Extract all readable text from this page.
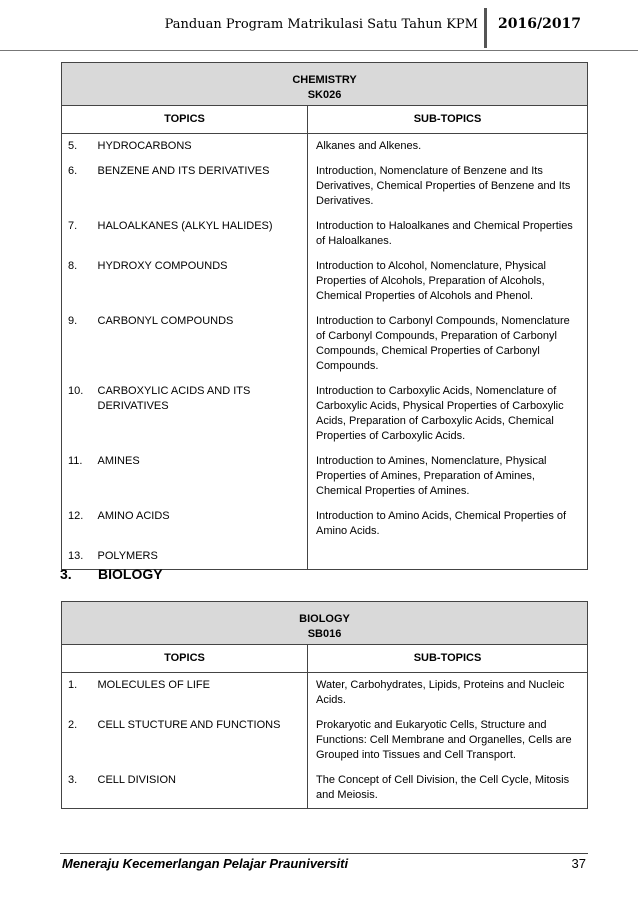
Panduan Program Matrikulasi Satu Tahun KPM 2016/2017
CHEMISTRY		
SK026		
TOPICS		SUB-TOPICS
5.	HYDROCARBONS	Alkanes and Alkenes.
6.	BENZENE AND ITS DERIVATIVES	Introduction, Nomenclature of Benzene and Its Derivatives, Chemical Properties of Benzene and Its Derivatives.
7.	HALOALKANES (ALKYL HALIDES)	Introduction to Haloalkanes and Chemical Properties of Haloalkanes.
8.	HYDROXY COMPOUNDS	Introduction to Alcohol, Nomenclature, Physical Properties of Alcohols, Preparation of Alcohols, Chemical Properties of Alcohols and Phenol.
9.	CARBONYL COMPOUNDS	Introduction to Carbonyl Compounds, Nomenclature of Carbonyl Compounds, Preparation of Carbonyl Compounds, Chemical Properties of Carbonyl Compounds.
10.	CARBOXYLIC ACIDS AND ITS DERIVATIVES	Introduction to Carboxylic Acids, Nomenclature of Carboxylic Acids, Physical Properties of Carboxylic Acids, Preparation of Carboxylic Acids, Chemical Properties of Carboxylic Acids.
11.	AMINES	Introduction to Amines, Nomenclature, Physical Properties of Amines, Preparation of Amines, Chemical Properties of Amines.
12.	AMINO ACIDS	Introduction to Amino Acids, Chemical Properties of Amino Acids.
13.	POLYMERS	
3. BIOLOGY
BIOLOGY		
SB016		
TOPICS		SUB-TOPICS
1.	MOLECULES OF LIFE	Water, Carbohydrates, Lipids, Proteins and Nucleic Acids.
2.	CELL STUCTURE AND FUNCTIONS	Prokaryotic and Eukaryotic Cells, Structure and Functions: Cell Membrane and Organelles, Cells are Grouped into Tissues and Cell Transport.
3.	CELL DIVISION	The Concept of Cell Division, the Cell Cycle, Mitosis and Meiosis.
Meneraju Kecemerlangan Pelajar Prauniversiti	37
